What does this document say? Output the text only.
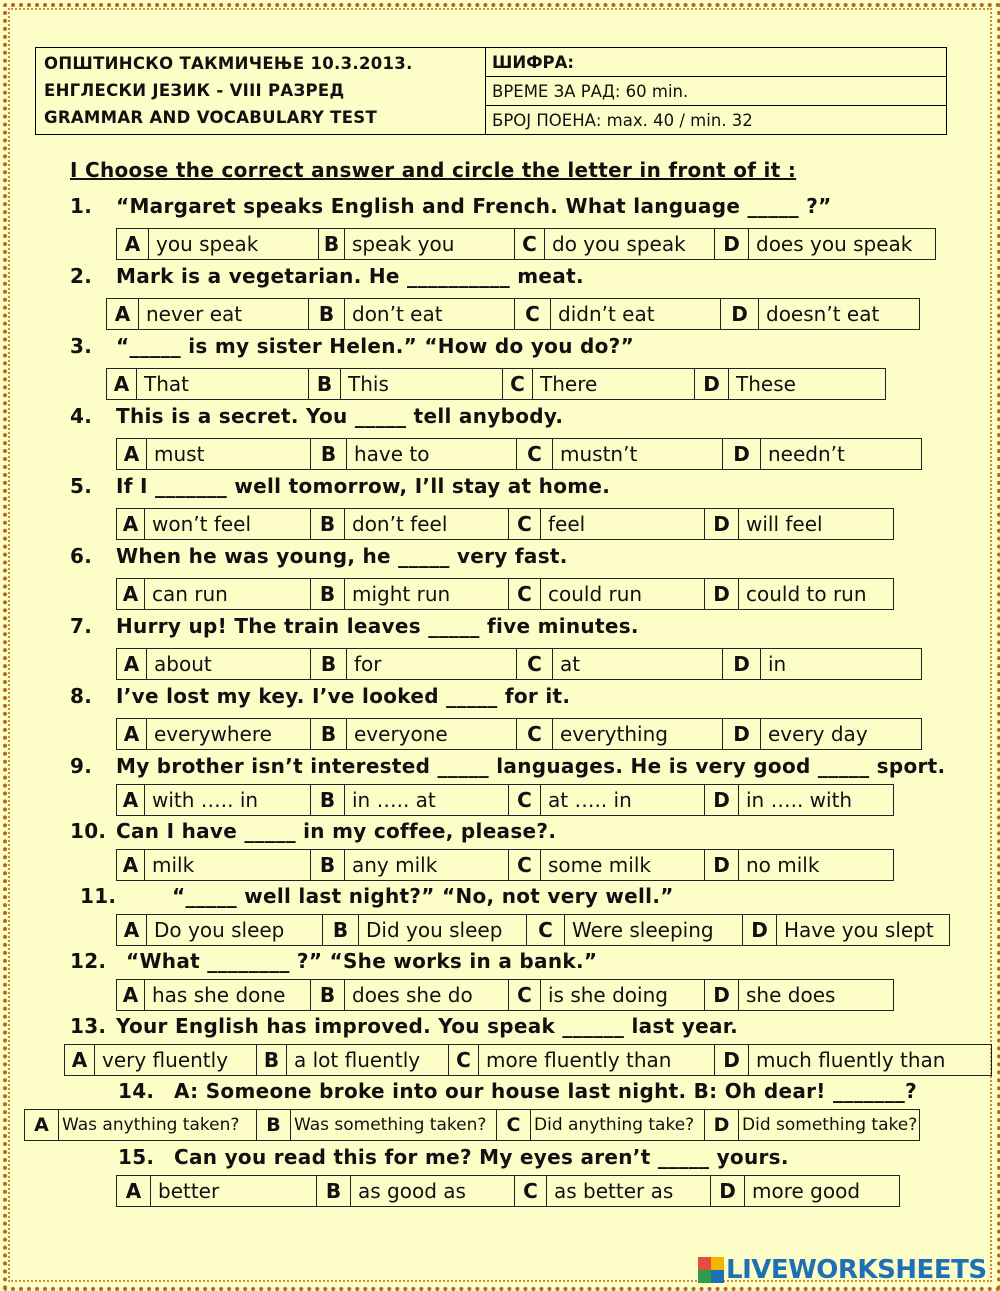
ОПШТИНСКО ТАКМИЧЕЊЕ 10.3.2013.
ЕНГЛЕСКИ ЈЕЗИК - VIII РАЗРЕД
GRAMMAR AND VOCABULARY TEST
ШИФРА:
ВРЕМЕ ЗА РАД: 60 min.
БРОЈ ПОЕНА: max. 40 / min. 32
I Choose the correct answer and circle the letter in front of it :
1. “Margaret speaks English and French. What language _____ ?”
A you speak	B speak you	C do you speak	D does you speak
2. Mark is a vegetarian. He __________ meat.
A never eat	B don’t eat	C didn’t eat	D doesn’t eat
3. “_____ is my sister Helen.” “How do you do?”
A That	B This	C There	D These
4. This is a secret. You _____ tell anybody.
A must	B have to	C mustn’t	D needn’t
5. If I _______ well tomorrow, I’ll stay at home.
A won’t feel	B don’t feel	C feel	D will feel
6. When he was young, he _____ very fast.
A can run	B might run	C could run	D could to run
7. Hurry up! The train leaves _____ five minutes.
A about	B for	C at	D in
8. I’ve lost my key. I’ve looked _____ for it.
A everywhere	B everyone	C everything	D every day
9. My brother isn’t interested _____ languages. He is very good _____ sport.
A with ….. in	B in ….. at	C at ….. in	D in ….. with
10. Can I have _____ in my coffee, please?.
A milk	B any milk	C some milk	D no milk
11.	“_____ well last night?” “No, not very well.”
A Do you sleep	B Did you sleep	C Were sleeping	D Have you slept
12. “What ________ ?” “She works in a bank.”
A has she done	B does she do	C is she doing	D she does
13. Your English has improved. You speak ______ last year.
A very fluently	B a lot fluently	C more fluently than	D much fluently than
14. A: Someone broke into our house last night. B: Oh dear! _______?
A Was anything taken?	B Was something taken?	C Did anything take?	D Did something take?
15. Can you read this for me? My eyes aren’t _____ yours.
A better	B as good as	C as better as	D more good
LIVEWORKSHEETS
